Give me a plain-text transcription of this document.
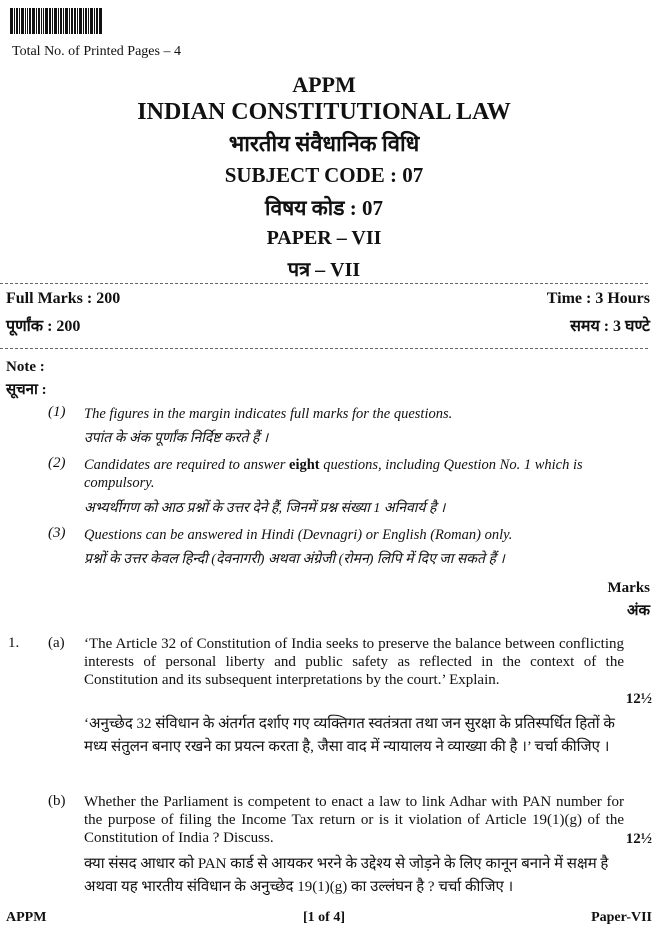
Total No. of Printed Pages – 4
APPM
INDIAN CONSTITUTIONAL LAW
भारतीय संवैधानिक विधि
SUBJECT CODE : 07
विषय कोड : 07
PAPER – VII
पत्र – VII
Full Marks : 200
पूर्णांक : 200
Time : 3 Hours
समय : 3 घण्टे
Note :
सूचना :
(1) The figures in the margin indicates full marks for the questions.
उपांत के अंक पूर्णांक निर्दिष्ट करते हैं ।
(2) Candidates are required to answer eight questions, including Question No. 1 which is compulsory.
अभ्यर्थीगण को आठ प्रश्नों के उत्तर देने हैं, जिनमें प्रश्न संख्या 1 अनिवार्य है ।
(3) Questions can be answered in Hindi (Devnagri) or English (Roman) only.
प्रश्नों के उत्तर केवल हिन्दी (देवनागरी) अथवा अंग्रेजी (रोमन) लिपि में दिए जा सकते हैं ।
Marks
अंक
1. (a) ‘The Article 32 of Constitution of India seeks to preserve the balance between conflicting interests of personal liberty and public safety as reflected in the context of the Constitution and its subsequent interpretations by the court.’ Explain.
12½
‘अनुच्छेद 32 संविधान के अंतर्गत दर्शाए गए व्यक्तिगत स्वतंत्रता तथा जन सुरक्षा के प्रतिस्पर्धित हितों के मध्य संतुलन बनाए रखने का प्रयत्न करता है, जैसा वाद में न्यायालय ने व्याख्या की है ।’ चर्चा कीजिए ।
(b) Whether the Parliament is competent to enact a law to link Adhar with PAN number for the purpose of filing the Income Tax return or is it violation of Article 19(1)(g) of the Constitution of India ? Discuss.	12½
क्या संसद आधार को PAN कार्ड से आयकर भरने के उद्देश्य से जोड़ने के लिए कानून बनाने में सक्षम है अथवा यह भारतीय संविधान के अनुच्छेद 19(1)(g) का उल्लंघन है ? चर्चा कीजिए ।
APPM	[1 of 4]	Paper-VII
